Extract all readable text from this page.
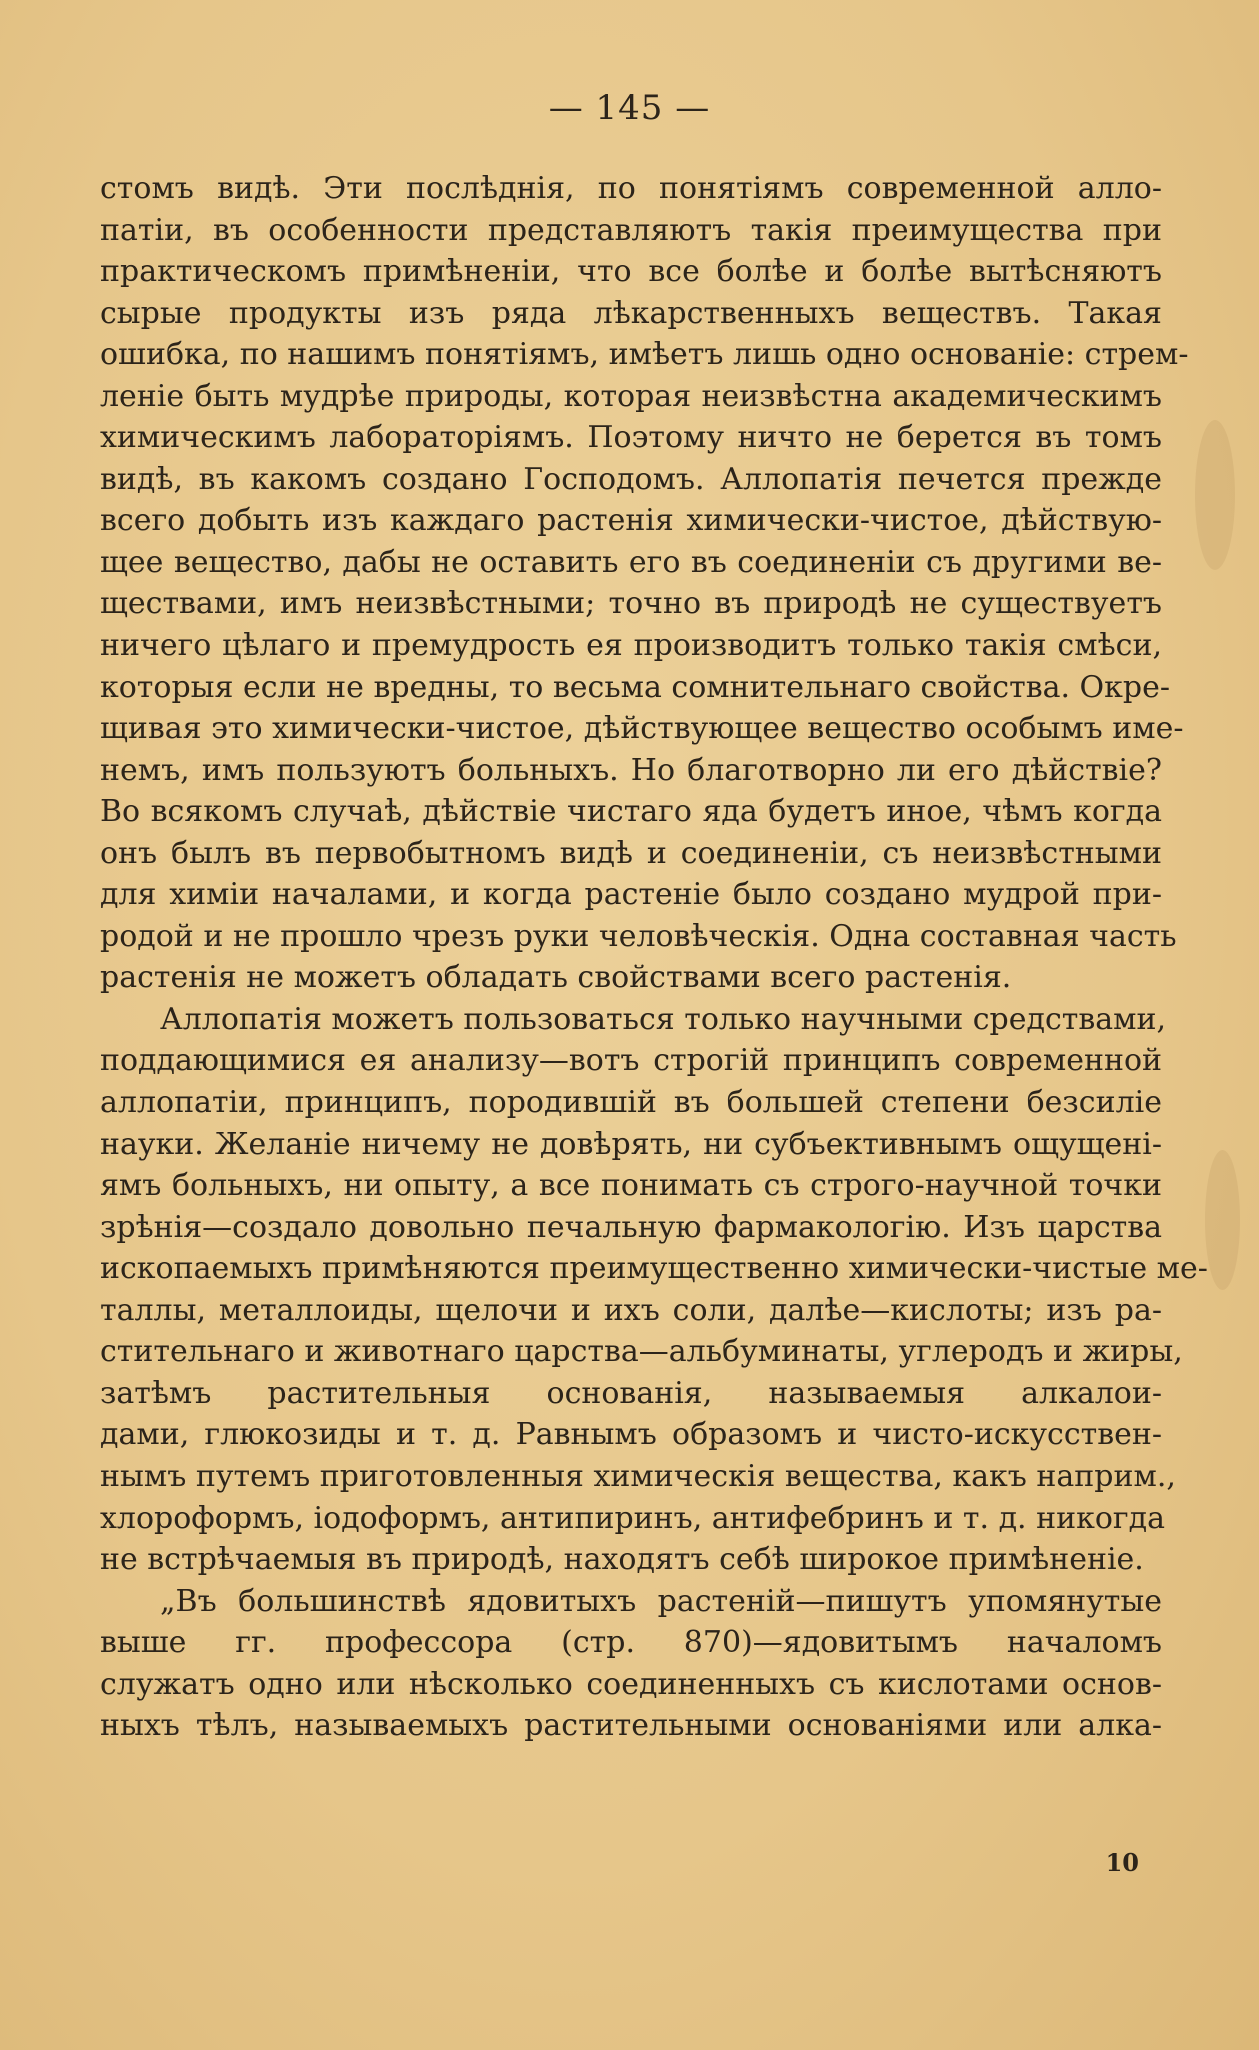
— 145 —
стомъ видѣ. Эти послѣднія, по понятіямъ современной алло-
патіи, въ особенности представляютъ такія преимущества при
практическомъ примѣненіи, что все болѣе и болѣе вытѣсняютъ
сырые продукты изъ ряда лѣкарственныхъ веществъ. Такая
ошибка, по нашимъ понятіямъ, имѣетъ лишь одно основаніе: стрем-
леніе быть мудрѣе природы, которая неизвѣстна академическимъ
химическимъ лабораторіямъ. Поэтому ничто не берется въ томъ
видѣ, въ какомъ создано Господомъ. Аллопатія печется прежде
всего добыть изъ каждаго растенія химически-чистое, дѣйствую-
щее вещество, дабы не оставить его въ соединеніи съ другими ве-
ществами, имъ неизвѣстными; точно въ природѣ не существуетъ
ничего цѣлаго и премудрость ея производитъ только такія смѣси,
которыя если не вредны, то весьма сомнительнаго свойства. Окре-
щивая это химически-чистое, дѣйствующее вещество особымъ име-
немъ, имъ пользуютъ больныхъ. Но благотворно ли его дѣйствіе?
Во всякомъ случаѣ, дѣйствіе чистаго яда будетъ иное, чѣмъ когда
онъ былъ въ первобытномъ видѣ и соединеніи, съ неизвѣстными
для химіи началами, и когда растеніе было создано мудрой при-
родой и не прошло чрезъ руки человѣческія. Одна составная часть
растенія не можетъ обладать свойствами всего растенія.
Аллопатія можетъ пользоваться только научными средствами,
поддающимися ея анализу—вотъ строгій принципъ современной
аллопатіи, принципъ, породившій въ большей степени безсиліе
науки. Желаніе ничему не довѣрять, ни субъективнымъ ощущені-
ямъ больныхъ, ни опыту, а все понимать съ строго-научной точки
зрѣнія—создало довольно печальную фармакологію. Изъ царства
ископаемыхъ примѣняются преимущественно химически-чистые ме-
таллы, металлоиды, щелочи и ихъ соли, далѣе—кислоты; изъ ра-
стительнаго и животнаго царства—альбуминаты, углеродъ и жиры,
затѣмъ растительныя основанія, называемыя алкалои-
дами, глюкозиды и т. д. Равнымъ образомъ и чисто-искусствен-
нымъ путемъ приготовленныя химическія вещества, какъ наприм.,
хлороформъ, іодоформъ, антипиринъ, антифебринъ и т. д. никогда
не встрѣчаемыя въ природѣ, находятъ себѣ широкое примѣненіе.
„Въ большинствѣ ядовитыхъ растеній—пишутъ упомянутые
выше гг. профессора (стр. 870)—ядовитымъ началомъ
служатъ одно или нѣсколько соединенныхъ съ кислотами основ-
ныхъ тѣлъ, называемыхъ растительными основаніями или алка-
10
